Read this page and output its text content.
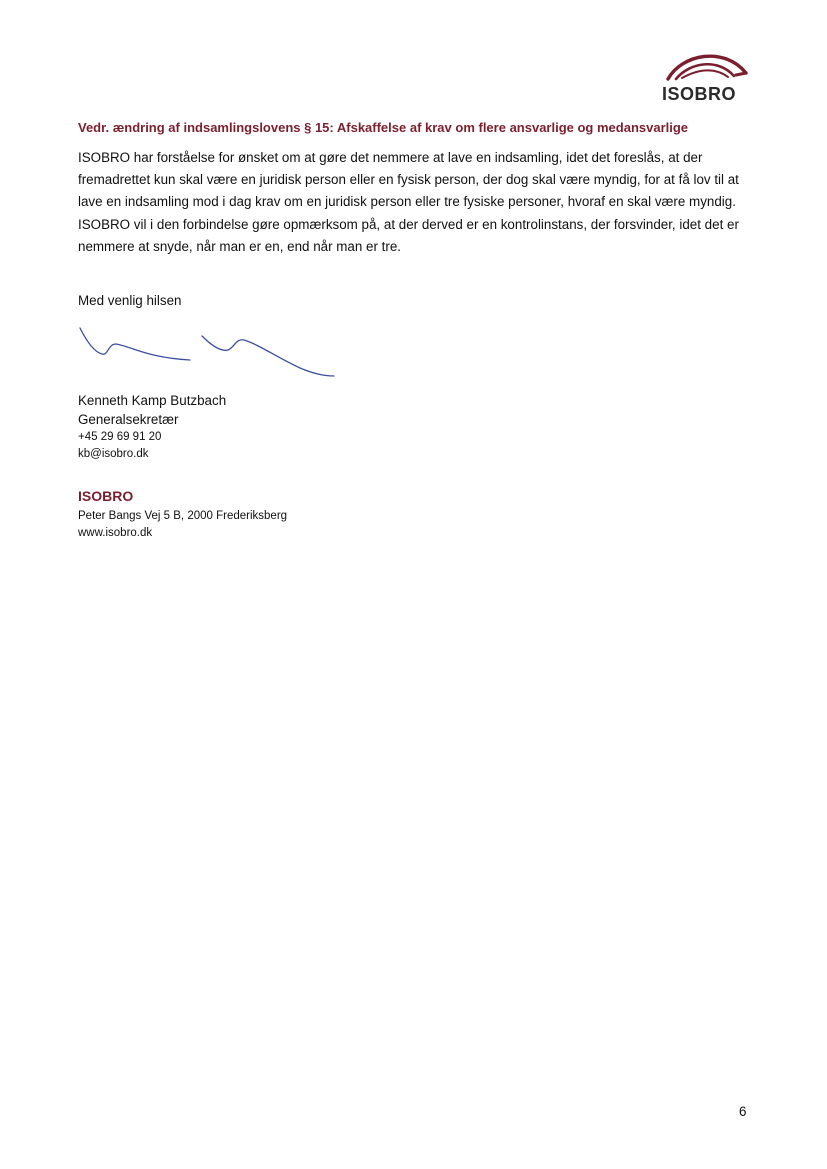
ISOBRO
Vedr. ændring af indsamlingslovens § 15: Afskaffelse af krav om flere ansvarlige og medansvarlige
ISOBRO har forståelse for ønsket om at gøre det nemmere at lave en indsamling, idet det foreslås, at der fremadrettet kun skal være en juridisk person eller en fysisk person, der dog skal være myndig, for at få lov til at lave en indsamling mod i dag krav om en juridisk person eller tre fysiske personer, hvoraf en skal være myndig. ISOBRO vil i den forbindelse gøre opmærksom på, at der derved er en kontrolinstans, der forsvinder, idet det er nemmere at snyde, når man er en, end når man er tre.
Med venlig hilsen
Kenneth Kamp Butzbach
Generalsekretær
+45 29 69 91 20
kb@isobro.dk
ISOBRO
Peter Bangs Vej 5 B, 2000 Frederiksberg
www.isobro.dk
6
